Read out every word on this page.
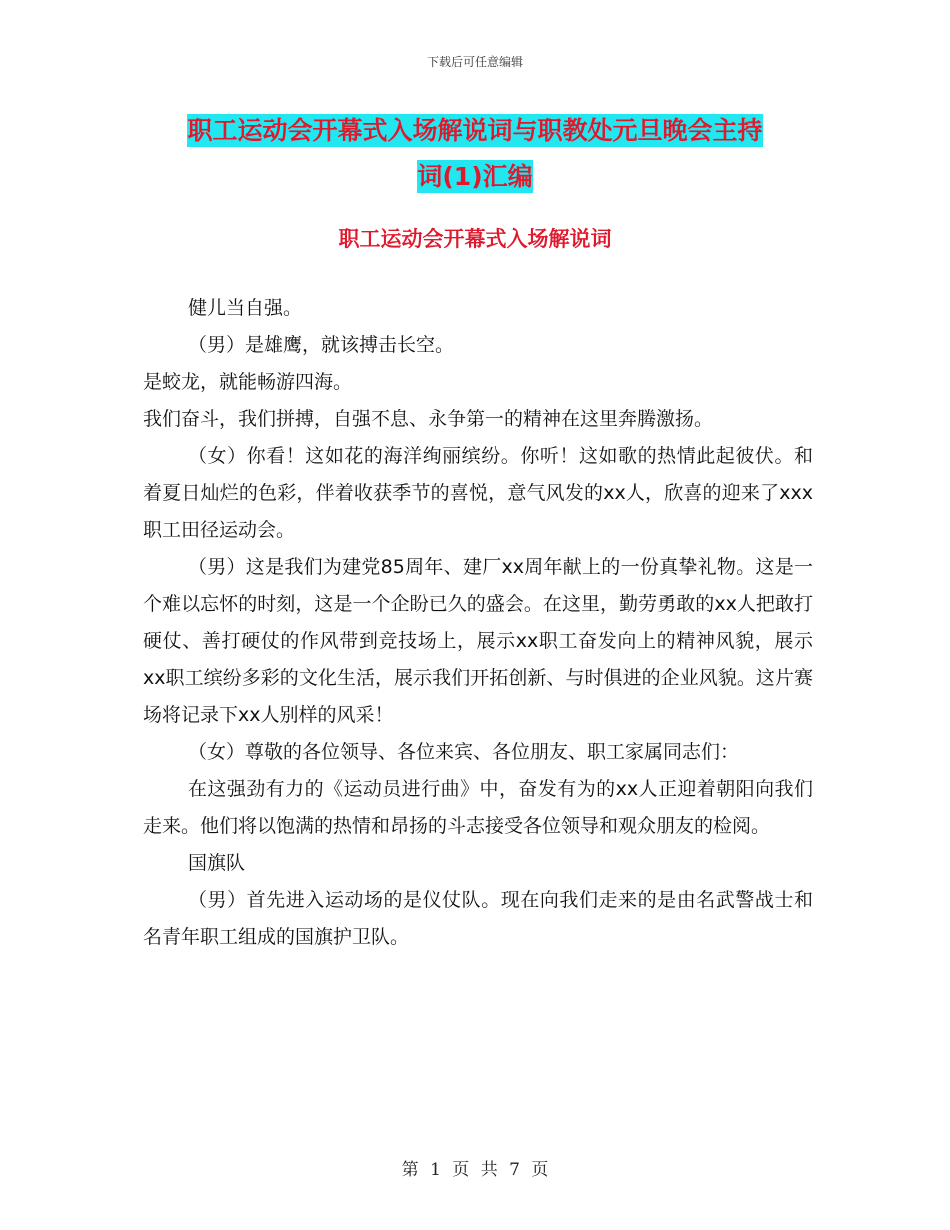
下载后可任意编辑
职工运动会开幕式入场解说词与职教处元旦晚会主持
词(1)汇编
职工运动会开幕式入场解说词

健儿当自强。

（男）是雄鹰，就该搏击长空。

是蛟龙，就能畅游四海。

我们奋斗，我们拼搏，自强不息、永争第一的精神在这里奔腾激扬。

（女）你看！这如花的海洋绚丽缤纷。你听！这如歌的热情此起彼伏。和着夏日灿烂的色彩，伴着收获季节的喜悦，意气风发的xx人，欣喜的迎来了xxx职工田径运动会。

（男）这是我们为建党85周年、建厂xx周年献上的一份真挚礼物。这是一个难以忘怀的时刻，这是一个企盼已久的盛会。在这里，勤劳勇敢的xx人把敢打硬仗、善打硬仗的作风带到竞技场上，展示xx职工奋发向上的精神风貌，展示xx职工缤纷多彩的文化生活，展示我们开拓创新、与时俱进的企业风貌。这片赛场将记录下xx人别样的风采！

（女）尊敬的各位领导、各位来宾、各位朋友、职工家属同志们：

在这强劲有力的《运动员进行曲》中，奋发有为的xx人正迎着朝阳向我们走来。他们将以饱满的热情和昂扬的斗志接受各位领导和观众朋友的检阅。

国旗队

（男）首先进入运动场的是仪仗队。现在向我们走来的是由名武警战士和名青年职工组成的国旗护卫队。

第 1 页 共 7 页
